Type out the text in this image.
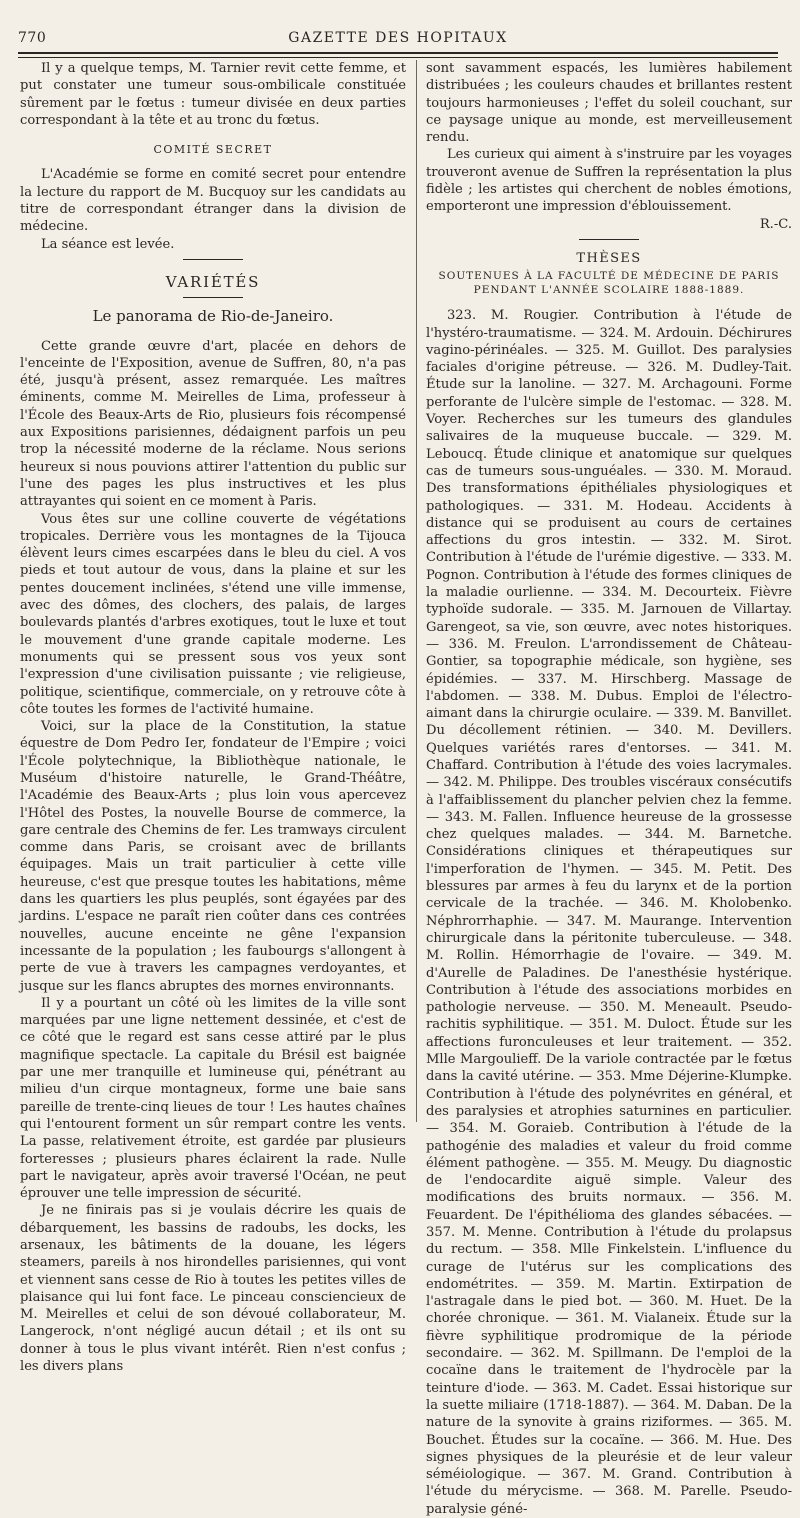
770	GAZETTE DES HOPITAUX

Il y a quelque temps, M. Tarnier revit cette femme, et put constater une tumeur sous-ombilicale constituée sûrement par le fœtus : tumeur divisée en deux parties correspondant à la tête et au tronc du fœtus.

COMITÉ SECRET

L'Académie se forme en comité secret pour entendre la lecture du rapport de M. Bucquoy sur les candidats au titre de correspondant étranger dans la division de médecine.

La séance est levée.

VARIÉTÉS
Le panorama de Rio-de-Janeiro.

Cette grande œuvre d'art, placée en dehors de l'enceinte de l'Exposition, avenue de Suffren, 80, n'a pas été, jusqu'à présent, assez remarquée. Les maîtres éminents, comme M. Meirelles de Lima, professeur à l'École des Beaux-Arts de Rio, plusieurs fois récompensé aux Expositions parisiennes, dédaignent parfois un peu trop la nécessité moderne de la réclame. Nous serions heureux si nous pouvions attirer l'attention du public sur l'une des pages les plus instructives et les plus attrayantes qui soient en ce moment à Paris.

Vous êtes sur une colline couverte de végétations tropicales. Derrière vous les montagnes de la Tijouca élèvent leurs cimes escarpées dans le bleu du ciel. A vos pieds et tout autour de vous, dans la plaine et sur les pentes doucement inclinées, s'étend une ville immense, avec des dômes, des clochers, des palais, de larges boulevards plantés d'arbres exotiques, tout le luxe et tout le mouvement d'une grande capitale moderne. Les monuments qui se pressent sous vos yeux sont l'expression d'une civilisation puissante ; vie religieuse, politique, scientifique, commerciale, on y retrouve côte à côte toutes les formes de l'activité humaine.

Voici, sur la place de la Constitution, la statue équestre de Dom Pedro Ier, fondateur de l'Empire ; voici l'École polytechnique, la Bibliothèque nationale, le Muséum d'histoire naturelle, le Grand-Théâtre, l'Académie des Beaux-Arts ; plus loin vous apercevez l'Hôtel des Postes, la nouvelle Bourse de commerce, la gare centrale des Chemins de fer. Les tramways circulent comme dans Paris, se croisant avec de brillants équipages. Mais un trait particulier à cette ville heureuse, c'est que presque toutes les habitations, même dans les quartiers les plus peuplés, sont égayées par des jardins. L'espace ne paraît rien coûter dans ces contrées nouvelles, aucune enceinte ne gêne l'expansion incessante de la population ; les faubourgs s'allongent à perte de vue à travers les campagnes verdoyantes, et jusque sur les flancs abruptes des mornes environnants.

Il y a pourtant un côté où les limites de la ville sont marquées par une ligne nettement dessinée, et c'est de ce côté que le regard est sans cesse attiré par le plus magnifique spectacle. La capitale du Brésil est baignée par une mer tranquille et lumineuse qui, pénétrant au milieu d'un cirque montagneux, forme une baie sans pareille de trente-cinq lieues de tour ! Les hautes chaînes qui l'entourent forment un sûr rempart contre les vents. La passe, relativement étroite, est gardée par plusieurs forteresses ; plusieurs phares éclairent la rade. Nulle part le navigateur, après avoir traversé l'Océan, ne peut éprouver une telle impression de sécurité.

Je ne finirais pas si je voulais décrire les quais de débarquement, les bassins de radoubs, les docks, les arsenaux, les bâtiments de la douane, les légers steamers, pareils à nos hirondelles parisiennes, qui vont et viennent sans cesse de Rio à toutes les petites villes de plaisance qui lui font face. Le pinceau consciencieux de M. Meirelles et celui de son dévoué collaborateur, M. Langerock, n'ont négligé aucun détail ; et ils ont su donner à tous le plus vivant intérêt. Rien n'est confus ; les divers plans

sont savamment espacés, les lumières habilement distribuées ; les couleurs chaudes et brillantes restent toujours harmonieuses ; l'effet du soleil couchant, sur ce paysage unique au monde, est merveilleusement rendu.

Les curieux qui aiment à s'instruire par les voyages trouveront avenue de Suffren la représentation la plus fidèle ; les artistes qui cherchent de nobles émotions, emporteront une impression d'éblouissement.

R.-C.

THÈSES
SOUTENUES À LA FACULTÉ DE MÉDECINE DE PARIS
PENDANT L'ANNÉE SCOLAIRE 1888-1889.

323. M. Rougier. Contribution à l'étude de l'hystéro-traumatisme. — 324. M. Ardouin. Déchirures vagino-périnéales. — 325. M. Guillot. Des paralysies faciales d'origine pétreuse. — 326. M. Dudley-Tait. Étude sur la lanoline. — 327. M. Archagouni. Forme perforante de l'ulcère simple de l'estomac. — 328. M. Voyer. Recherches sur les tumeurs des glandules salivaires de la muqueuse buccale. — 329. M. Leboucq. Étude clinique et anatomique sur quelques cas de tumeurs sous-unguéales. — 330. M. Moraud. Des transformations épithéliales physiologiques et pathologiques. — 331. M. Hodeau. Accidents à distance qui se produisent au cours de certaines affections du gros intestin. — 332. M. Sirot. Contribution à l'étude de l'urémie digestive. — 333. M. Pognon. Contribution à l'étude des formes cliniques de la maladie ourlienne. — 334. M. Decourteix. Fièvre typhoïde sudorale. — 335. M. Jarnouen de Villartay. Garengeot, sa vie, son œuvre, avec notes historiques. — 336. M. Freulon. L'arrondissement de Château-Gontier, sa topographie médicale, son hygiène, ses épidémies. — 337. M. Hirschberg. Massage de l'abdomen. — 338. M. Dubus. Emploi de l'électro-aimant dans la chirurgie oculaire. — 339. M. Banvillet. Du décollement rétinien. — 340. M. Devillers. Quelques variétés rares d'entorses. — 341. M. Chaffard. Contribution à l'étude des voies lacrymales. — 342. M. Philippe. Des troubles viscéraux consécutifs à l'affaiblissement du plancher pelvien chez la femme. — 343. M. Fallen. Influence heureuse de la grossesse chez quelques malades. — 344. M. Barnetche. Considérations cliniques et thérapeutiques sur l'imperforation de l'hymen. — 345. M. Petit. Des blessures par armes à feu du larynx et de la portion cervicale de la trachée. — 346. M. Kholobenko. Néphrorrhaphie. — 347. M. Maurange. Intervention chirurgicale dans la péritonite tuberculeuse. — 348. M. Rollin. Hémorrhagie de l'ovaire. — 349. M. d'Aurelle de Paladines. De l'anesthésie hystérique. Contribution à l'étude des associations morbides en pathologie nerveuse. — 350. M. Meneault. Pseudo-rachitis syphilitique. — 351. M. Duloct. Étude sur les affections furonculeuses et leur traitement. — 352. Mlle Margoulieff. De la variole contractée par le fœtus dans la cavité utérine. — 353. Mme Déjerine-Klumpke. Contribution à l'étude des polynévrites en général, et des paralysies et atrophies saturnines en particulier. — 354. M. Goraieb. Contribution à l'étude de la pathogénie des maladies et valeur du froid comme élément pathogène. — 355. M. Meugy. Du diagnostic de l'endocardite aiguë simple. Valeur des modifications des bruits normaux. — 356. M. Feuardent. De l'épithélioma des glandes sébacées. — 357. M. Menne. Contribution à l'étude du prolapsus du rectum. — 358. Mlle Finkelstein. L'influence du curage de l'utérus sur les complications des endométrites. — 359. M. Martin. Extirpation de l'astragale dans le pied bot. — 360. M. Huet. De la chorée chronique. — 361. M. Vialaneix. Étude sur la fièvre syphilitique prodromique de la période secondaire. — 362. M. Spillmann. De l'emploi de la cocaïne dans le traitement de l'hydrocèle par la teinture d'iode. — 363. M. Cadet. Essai historique sur la suette miliaire (1718-1887). — 364. M. Daban. De la nature de la synovite à grains riziformes. — 365. M. Bouchet. Études sur la cocaïne. — 366. M. Hue. Des signes physiques de la pleurésie et de leur valeur séméiologique. — 367. M. Grand. Contribution à l'étude du mérycisme. — 368. M. Parelle. Pseudo-paralysie géné-
